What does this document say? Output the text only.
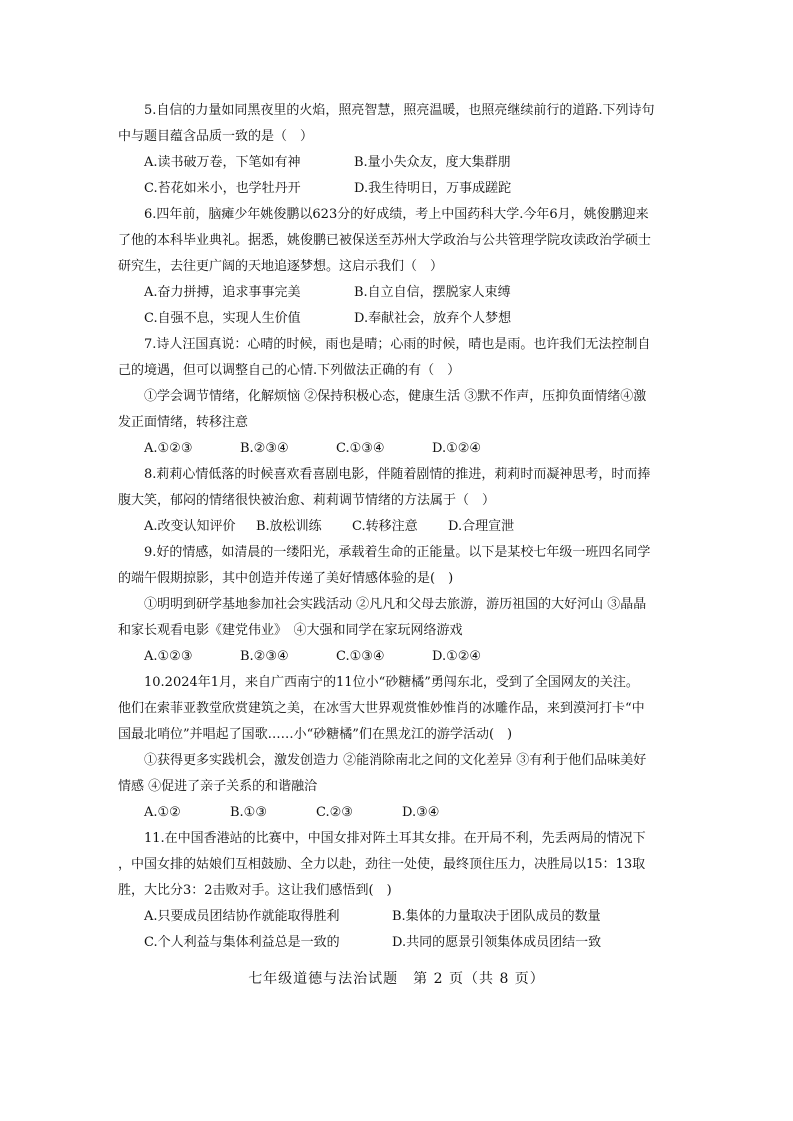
5.自信的力量如同黑夜里的火焰，照亮智慧，照亮温暖，也照亮继续前行的道路.下列诗句
中与题目蕴含品质一致的是（　）
A.读书破万卷，下笔如有神	B.量小失众友，度大集群朋
C.苔花如米小，也学牡丹开	D.我生待明日，万事成蹉跎
6.四年前，脑瘫少年姚俊鹏以623分的好成绩，考上中国药科大学.今年6月，姚俊鹏迎来
了他的本科毕业典礼。据悉，姚俊鹏已被保送至苏州大学政治与公共管理学院攻读政治学硕士
研究生，去往更广阔的天地追逐梦想。这启示我们（　）
A.奋力拼搏，追求事事完美	B.自立自信，摆脱家人束缚
C.自强不息，实现人生价值	D.奉献社会，放弃个人梦想
7.诗人汪国真说：心晴的时候，雨也是晴；心雨的时候，晴也是雨。也许我们无法控制自
己的境遇，但可以调整自己的心情.下列做法正确的有（　）
①学会调节情绪，化解烦恼 ②保持积极心态，健康生活 ③默不作声，压抑负面情绪④激
发正面情绪，转移注意
A.①②③	B.②③④	C.①③④	D.①②④
8.莉莉心情低落的时候喜欢看喜剧电影，伴随着剧情的推进，莉莉时而凝神思考，时而捧
腹大笑，郁闷的情绪很快被治愈、莉莉调节情绪的方法属于（　）
A.改变认知评价	B.放松训练	C.转移注意	D.合理宣泄
9.好的情感，如清晨的一缕阳光，承载着生命的正能量。以下是某校七年级一班四名同学
的端午假期掠影，其中创造并传递了美好情感体验的是(　)
①明明到研学基地参加社会实践活动 ②凡凡和父母去旅游，游历祖国的大好河山 ③晶晶
和家长观看电影《建党伟业》　④大强和同学在家玩网络游戏
A.①②③	B.②③④	C.①③④	D.①②④
10.2024年1月，来自广西南宁的11位小“砂糖橘”勇闯东北，受到了全国网友的关注。
他们在索菲亚教堂欣赏建筑之美，在冰雪大世界观赏惟妙惟肖的冰雕作品，来到漠河打卡“中
国最北哨位”并唱起了国歌……小“砂糖橘”们在黑龙江的游学活动(　)
①获得更多实践机会，激发创造力 ②能消除南北之间的文化差异 ③有利于他们品味美好
情感 ④促进了亲子关系的和谐融洽
A.①②	B.①③	C.②③	D.③④
11.在中国香港站的比赛中，中国女排对阵土耳其女排。在开局不利，先丢两局的情况下
，中国女排的姑娘们互相鼓励、全力以赴，劲往一处使，最终顶住压力，决胜局以15：13取
胜，大比分3：2击败对手。这让我们感悟到(　)
A.只要成员团结协作就能取得胜利	B.集体的力量取决于团队成员的数量
C.个人利益与集体利益总是一致的	D.共同的愿景引领集体成员团结一致
七年级道德与法治试题　第 2 页（共 8 页）
